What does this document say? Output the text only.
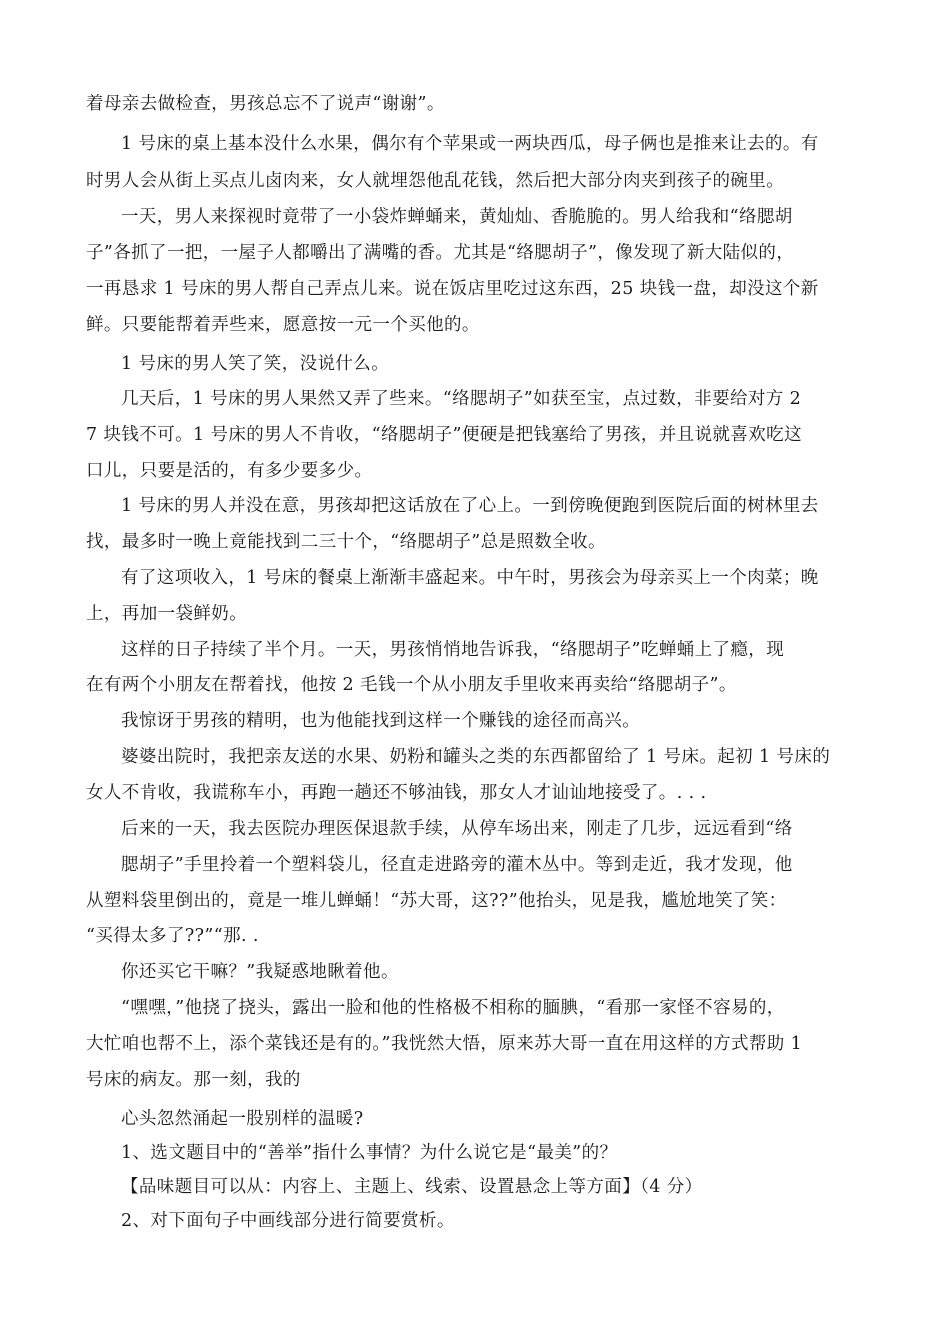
着母亲去做检查，男孩总忘不了说声“谢谢”。
1 号床的桌上基本没什么水果，偶尔有个苹果或一两块西瓜，母子俩也是推来让去的。有
时男人会从街上买点儿卤肉来，女人就埋怨他乱花钱，然后把大部分肉夹到孩子的碗里。
一天，男人来探视时竟带了一小袋炸蝉蛹来，黄灿灿、香脆脆的。男人给我和“络腮胡
子”各抓了一把，一屋子人都嚼出了满嘴的香。尤其是“络腮胡子”，像发现了新大陆似的，
一再恳求 1 号床的男人帮自己弄点儿来。说在饭店里吃过这东西，25 块钱一盘，却没这个新
鲜。只要能帮着弄些来，愿意按一元一个买他的。
1 号床的男人笑了笑，没说什么。
几天后，1 号床的男人果然又弄了些来。“络腮胡子”如获至宝，点过数，非要给对方 2
7 块钱不可。1 号床的男人不肯收，“络腮胡子”便硬是把钱塞给了男孩，并且说就喜欢吃这
口儿，只要是活的，有多少要多少。
1 号床的男人并没在意，男孩却把这话放在了心上。一到傍晚便跑到医院后面的树林里去
找，最多时一晚上竟能找到二三十个，“络腮胡子”总是照数全收。
有了这项收入，1 号床的餐桌上渐渐丰盛起来。中午时，男孩会为母亲买上一个肉菜；晚
上，再加一袋鲜奶。
这样的日子持续了半个月。一天，男孩悄悄地告诉我，“络腮胡子”吃蝉蛹上了瘾，现
在有两个小朋友在帮着找，他按 2 毛钱一个从小朋友手里收来再卖给“络腮胡子”。
我惊讶于男孩的精明，也为他能找到这样一个赚钱的途径而高兴。
婆婆出院时，我把亲友送的水果、奶粉和罐头之类的东西都留给了 1 号床。起初 1 号床的
女人不肯收，我谎称车小，再跑一趟还不够油钱，那女人才讪讪地接受了。. . .
后来的一天，我去医院办理医保退款手续，从停车场出来，刚走了几步，远远看到“络
腮胡子”手里拎着一个塑料袋儿，径直走进路旁的灌木丛中。等到走近，我才发现，他
从塑料袋里倒出的，竟是一堆儿蝉蛹！“苏大哥，这??”他抬头，见是我，尴尬地笑了笑：
“买得太多了??”“那. .
你还买它干嘛？”我疑惑地瞅着他。
“嘿嘿，”他挠了挠头，露出一脸和他的性格极不相称的腼腆，“看那一家怪不容易的，
大忙咱也帮不上，添个菜钱还是有的。”我恍然大悟，原来苏大哥一直在用这样的方式帮助 1
号床的病友。那一刻，我的
心头忽然涌起一股别样的温暖?
1、选文题目中的“善举”指什么事情？为什么说它是“最美”的？
【品味题目可以从：内容上、主题上、线索、设置悬念上等方面】（4 分）
2、对下面句子中画线部分进行简要赏析。
